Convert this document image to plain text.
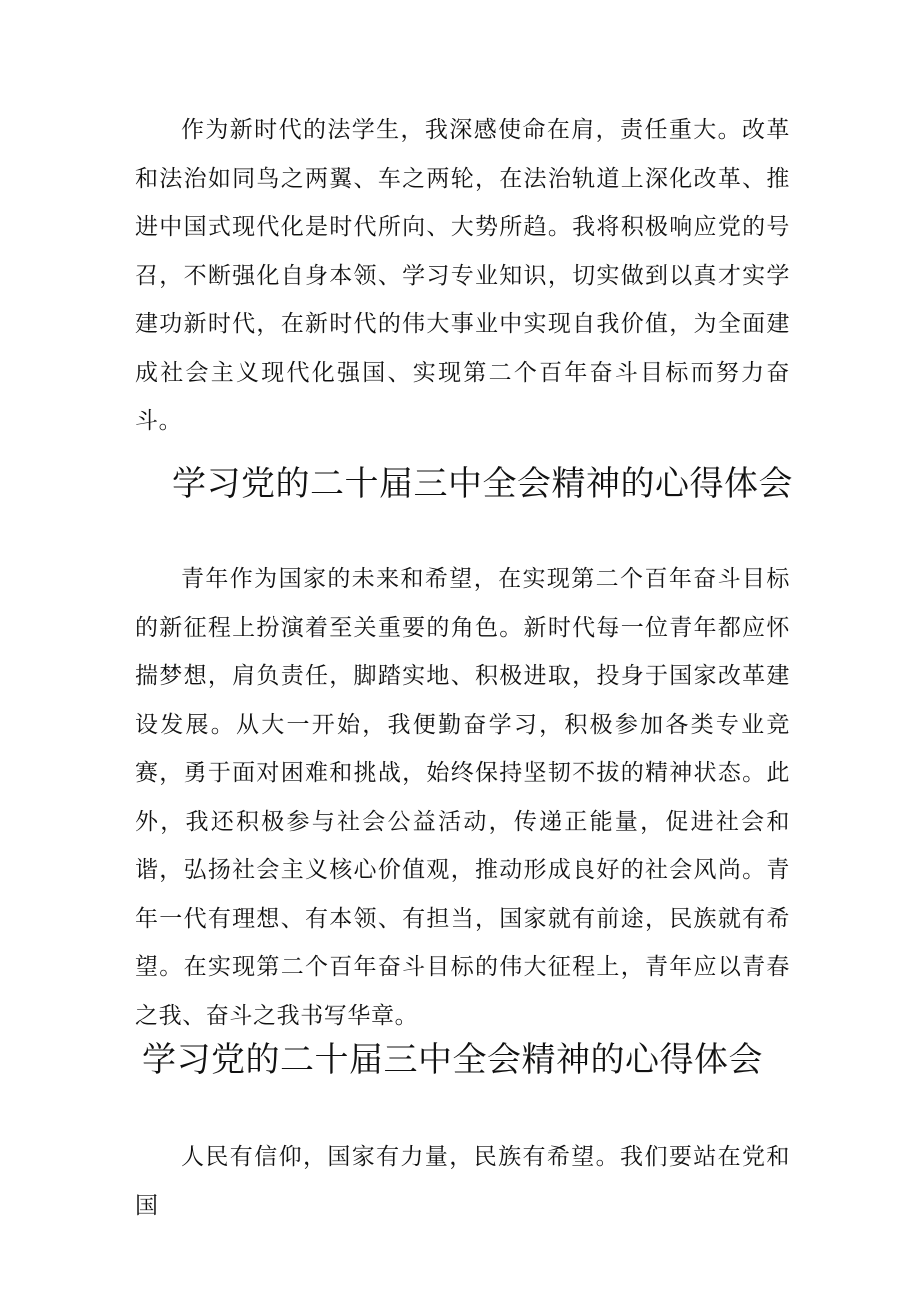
作为新时代的法学生，我深感使命在肩，责任重大。改革和法治如同鸟之两翼、车之两轮，在法治轨道上深化改革、推进中国式现代化是时代所向、大势所趋。我将积极响应党的号召，不断强化自身本领、学习专业知识，切实做到以真才实学建功新时代，在新时代的伟大事业中实现自我价值，为全面建成社会主义现代化强国、实现第二个百年奋斗目标而努力奋斗。

学习党的二十届三中全会精神的心得体会

青年作为国家的未来和希望，在实现第二个百年奋斗目标的新征程上扮演着至关重要的角色。新时代每一位青年都应怀揣梦想，肩负责任，脚踏实地、积极进取，投身于国家改革建设发展。从大一开始，我便勤奋学习，积极参加各类专业竞赛，勇于面对困难和挑战，始终保持坚韧不拔的精神状态。此外，我还积极参与社会公益活动，传递正能量，促进社会和谐，弘扬社会主义核心价值观，推动形成良好的社会风尚。青年一代有理想、有本领、有担当，国家就有前途，民族就有希望。在实现第二个百年奋斗目标的伟大征程上，青年应以青春之我、奋斗之我书写华章。

学习党的二十届三中全会精神的心得体会

人民有信仰，国家有力量，民族有希望。我们要站在党和国
